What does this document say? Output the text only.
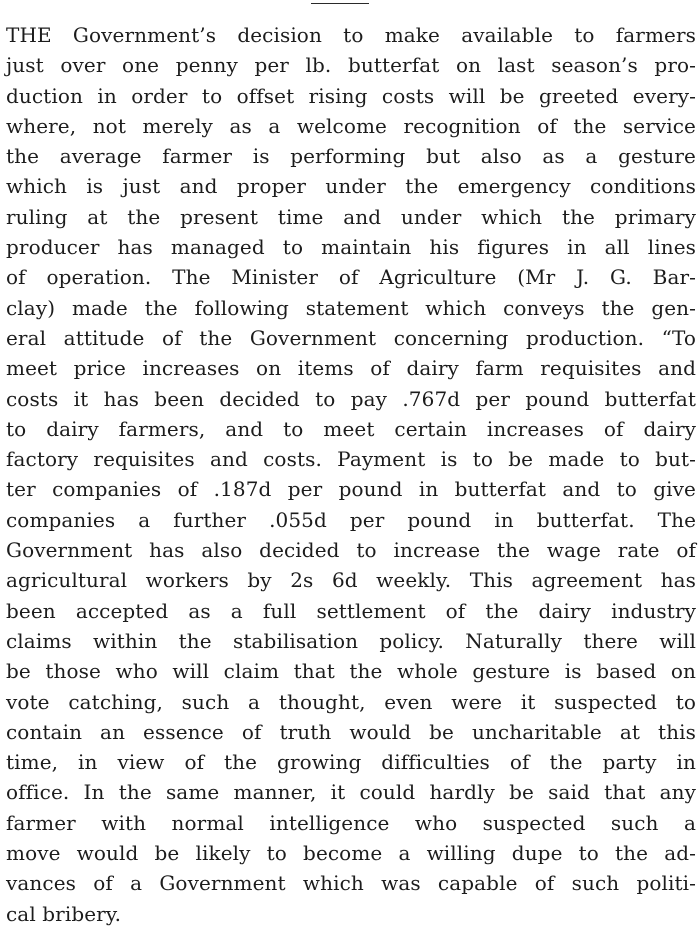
THE Government’s decision to make available to farmers
just over one penny per lb. butterfat on last season’s pro-
duction in order to offset rising costs will be greeted every-
where, not merely as a welcome recognition of the service
the average farmer is performing but also as a gesture
which is just and proper under the emergency conditions
ruling at the present time and under which the primary
producer has managed to maintain his figures in all lines
of operation. The Minister of Agriculture (Mr J. G. Bar-
clay) made the following statement which conveys the gen-
eral attitude of the Government concerning production. “To
meet price increases on items of dairy farm requisites and
costs it has been decided to pay .767d per pound butterfat
to dairy farmers, and to meet certain increases of dairy
factory requisites and costs. Payment is to be made to but-
ter companies of .187d per pound in butterfat and to give
companies a further .055d per pound in butterfat. The
Government has also decided to increase the wage rate of
agricultural workers by 2s 6d weekly. This agreement has
been accepted as a full settlement of the dairy industry
claims within the stabilisation policy. Naturally there will
be those who will claim that the whole gesture is based on
vote catching, such a thought, even were it suspected to
contain an essence of truth would be uncharitable at this
time, in view of the growing difficulties of the party in
office. In the same manner, it could hardly be said that any
farmer with normal intelligence who suspected such a
move would be likely to become a willing dupe to the ad-
vances of a Government which was capable of such politi-
cal bribery.
